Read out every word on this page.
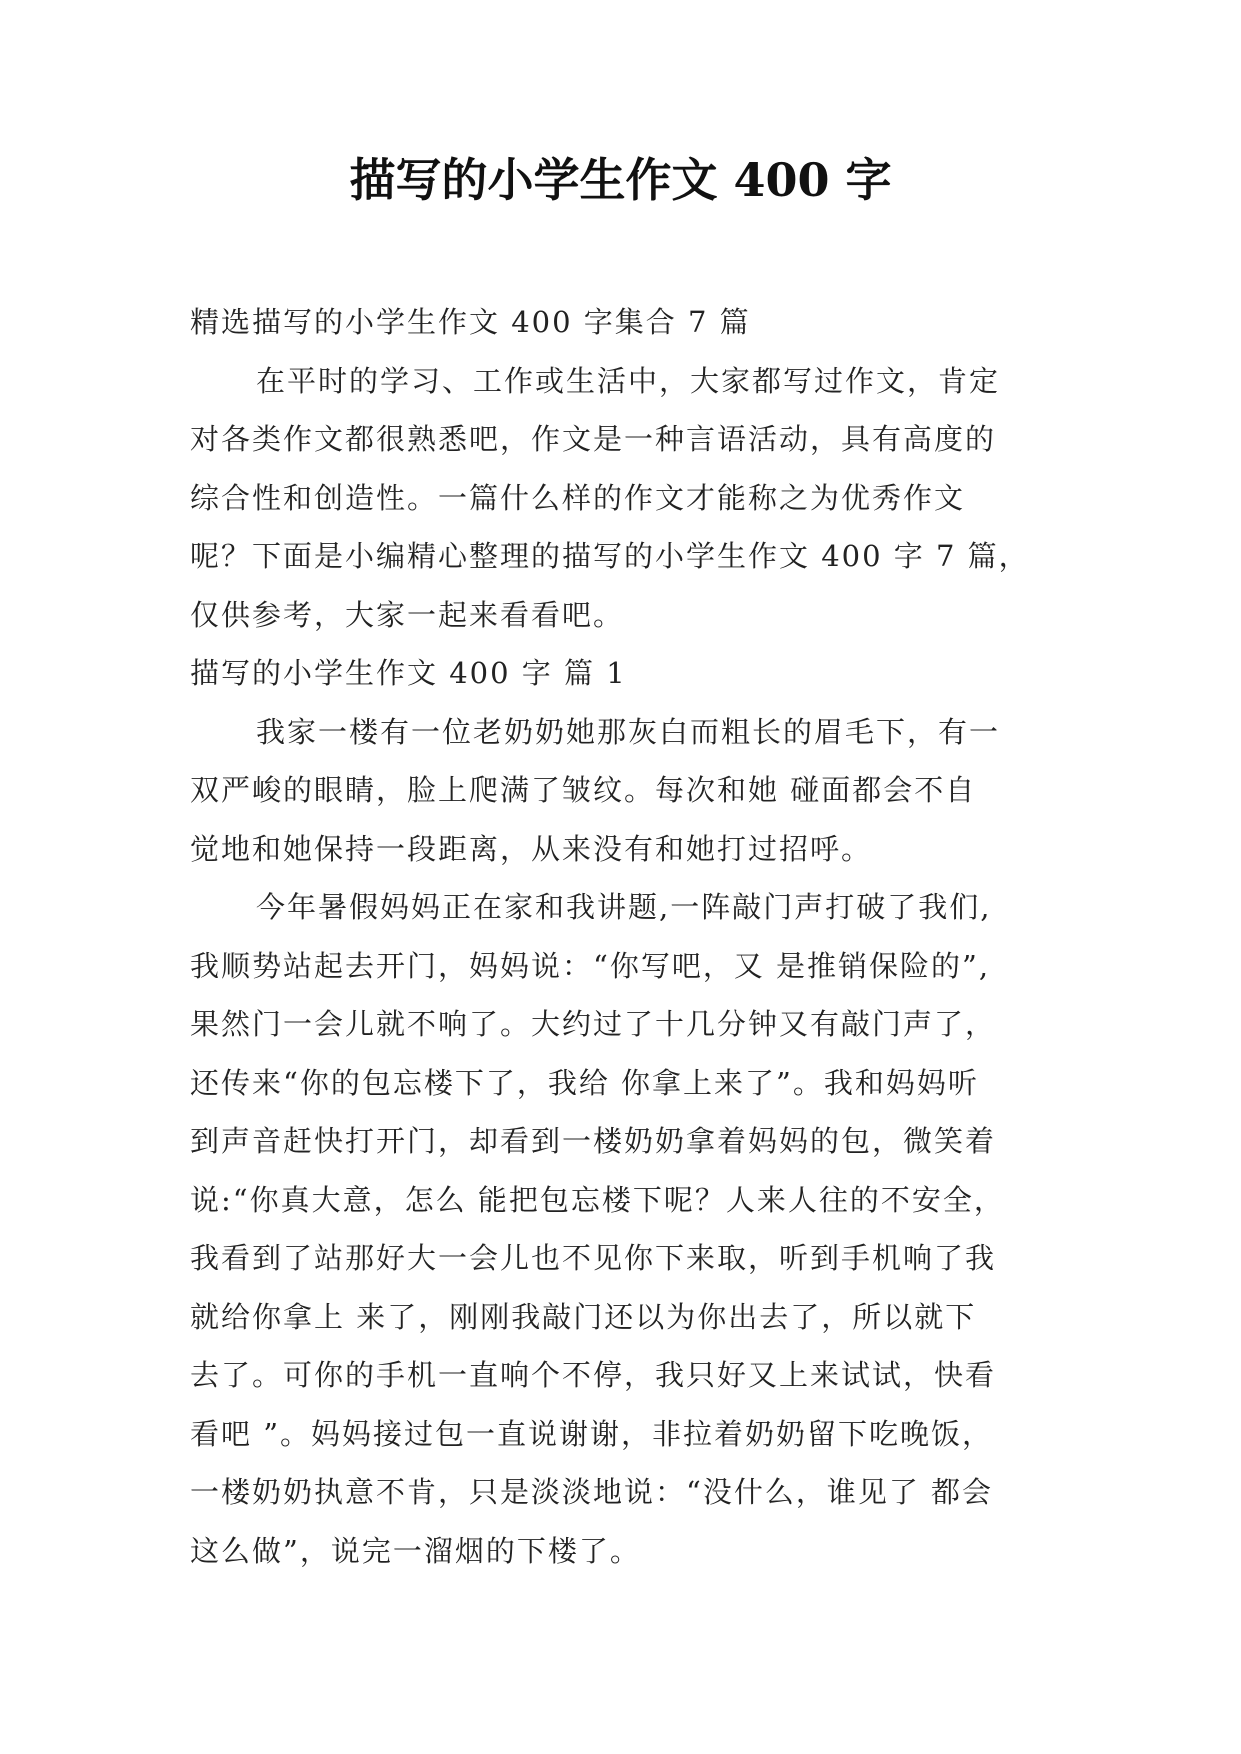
描写的小学生作文 400 字

精选描写的小学生作文 400 字集合 7 篇

在平时的学习、工作或生活中，大家都写过作文，肯定

对各类作文都很熟悉吧，作文是一种言语活动，具有高度的

综合性和创造性。一篇什么样的作文才能称之为优秀作文

呢？下面是小编精心整理的描写的小学生作文 400 字 7 篇，

仅供参考，大家一起来看看吧。

描写的小学生作文 400 字 篇 1

我家一楼有一位老奶奶她那灰白而粗长的眉毛下，有一

双严峻的眼睛，脸上爬满了皱纹。每次和她 碰面都会不自

觉地和她保持一段距离，从来没有和她打过招呼。

今年暑假妈妈正在家和我讲题,一阵敲门声打破了我们,

我顺势站起去开门，妈妈说：“你写吧，又 是推销保险的”,

果然门一会儿就不响了。大约过了十几分钟又有敲门声了，

还传来“你的包忘楼下了，我给 你拿上来了”。我和妈妈听

到声音赶快打开门，却看到一楼奶奶拿着妈妈的包，微笑着

说:“你真大意，怎么 能把包忘楼下呢？人来人往的不安全，

我看到了站那好大一会儿也不见你下来取，听到手机响了我

就给你拿上 来了，刚刚我敲门还以为你出去了，所以就下

去了。可你的手机一直响个不停，我只好又上来试试，快看

看吧 ”。妈妈接过包一直说谢谢，非拉着奶奶留下吃晚饭，

一楼奶奶执意不肯，只是淡淡地说：“没什么，谁见了 都会

这么做”，说完一溜烟的下楼了。
